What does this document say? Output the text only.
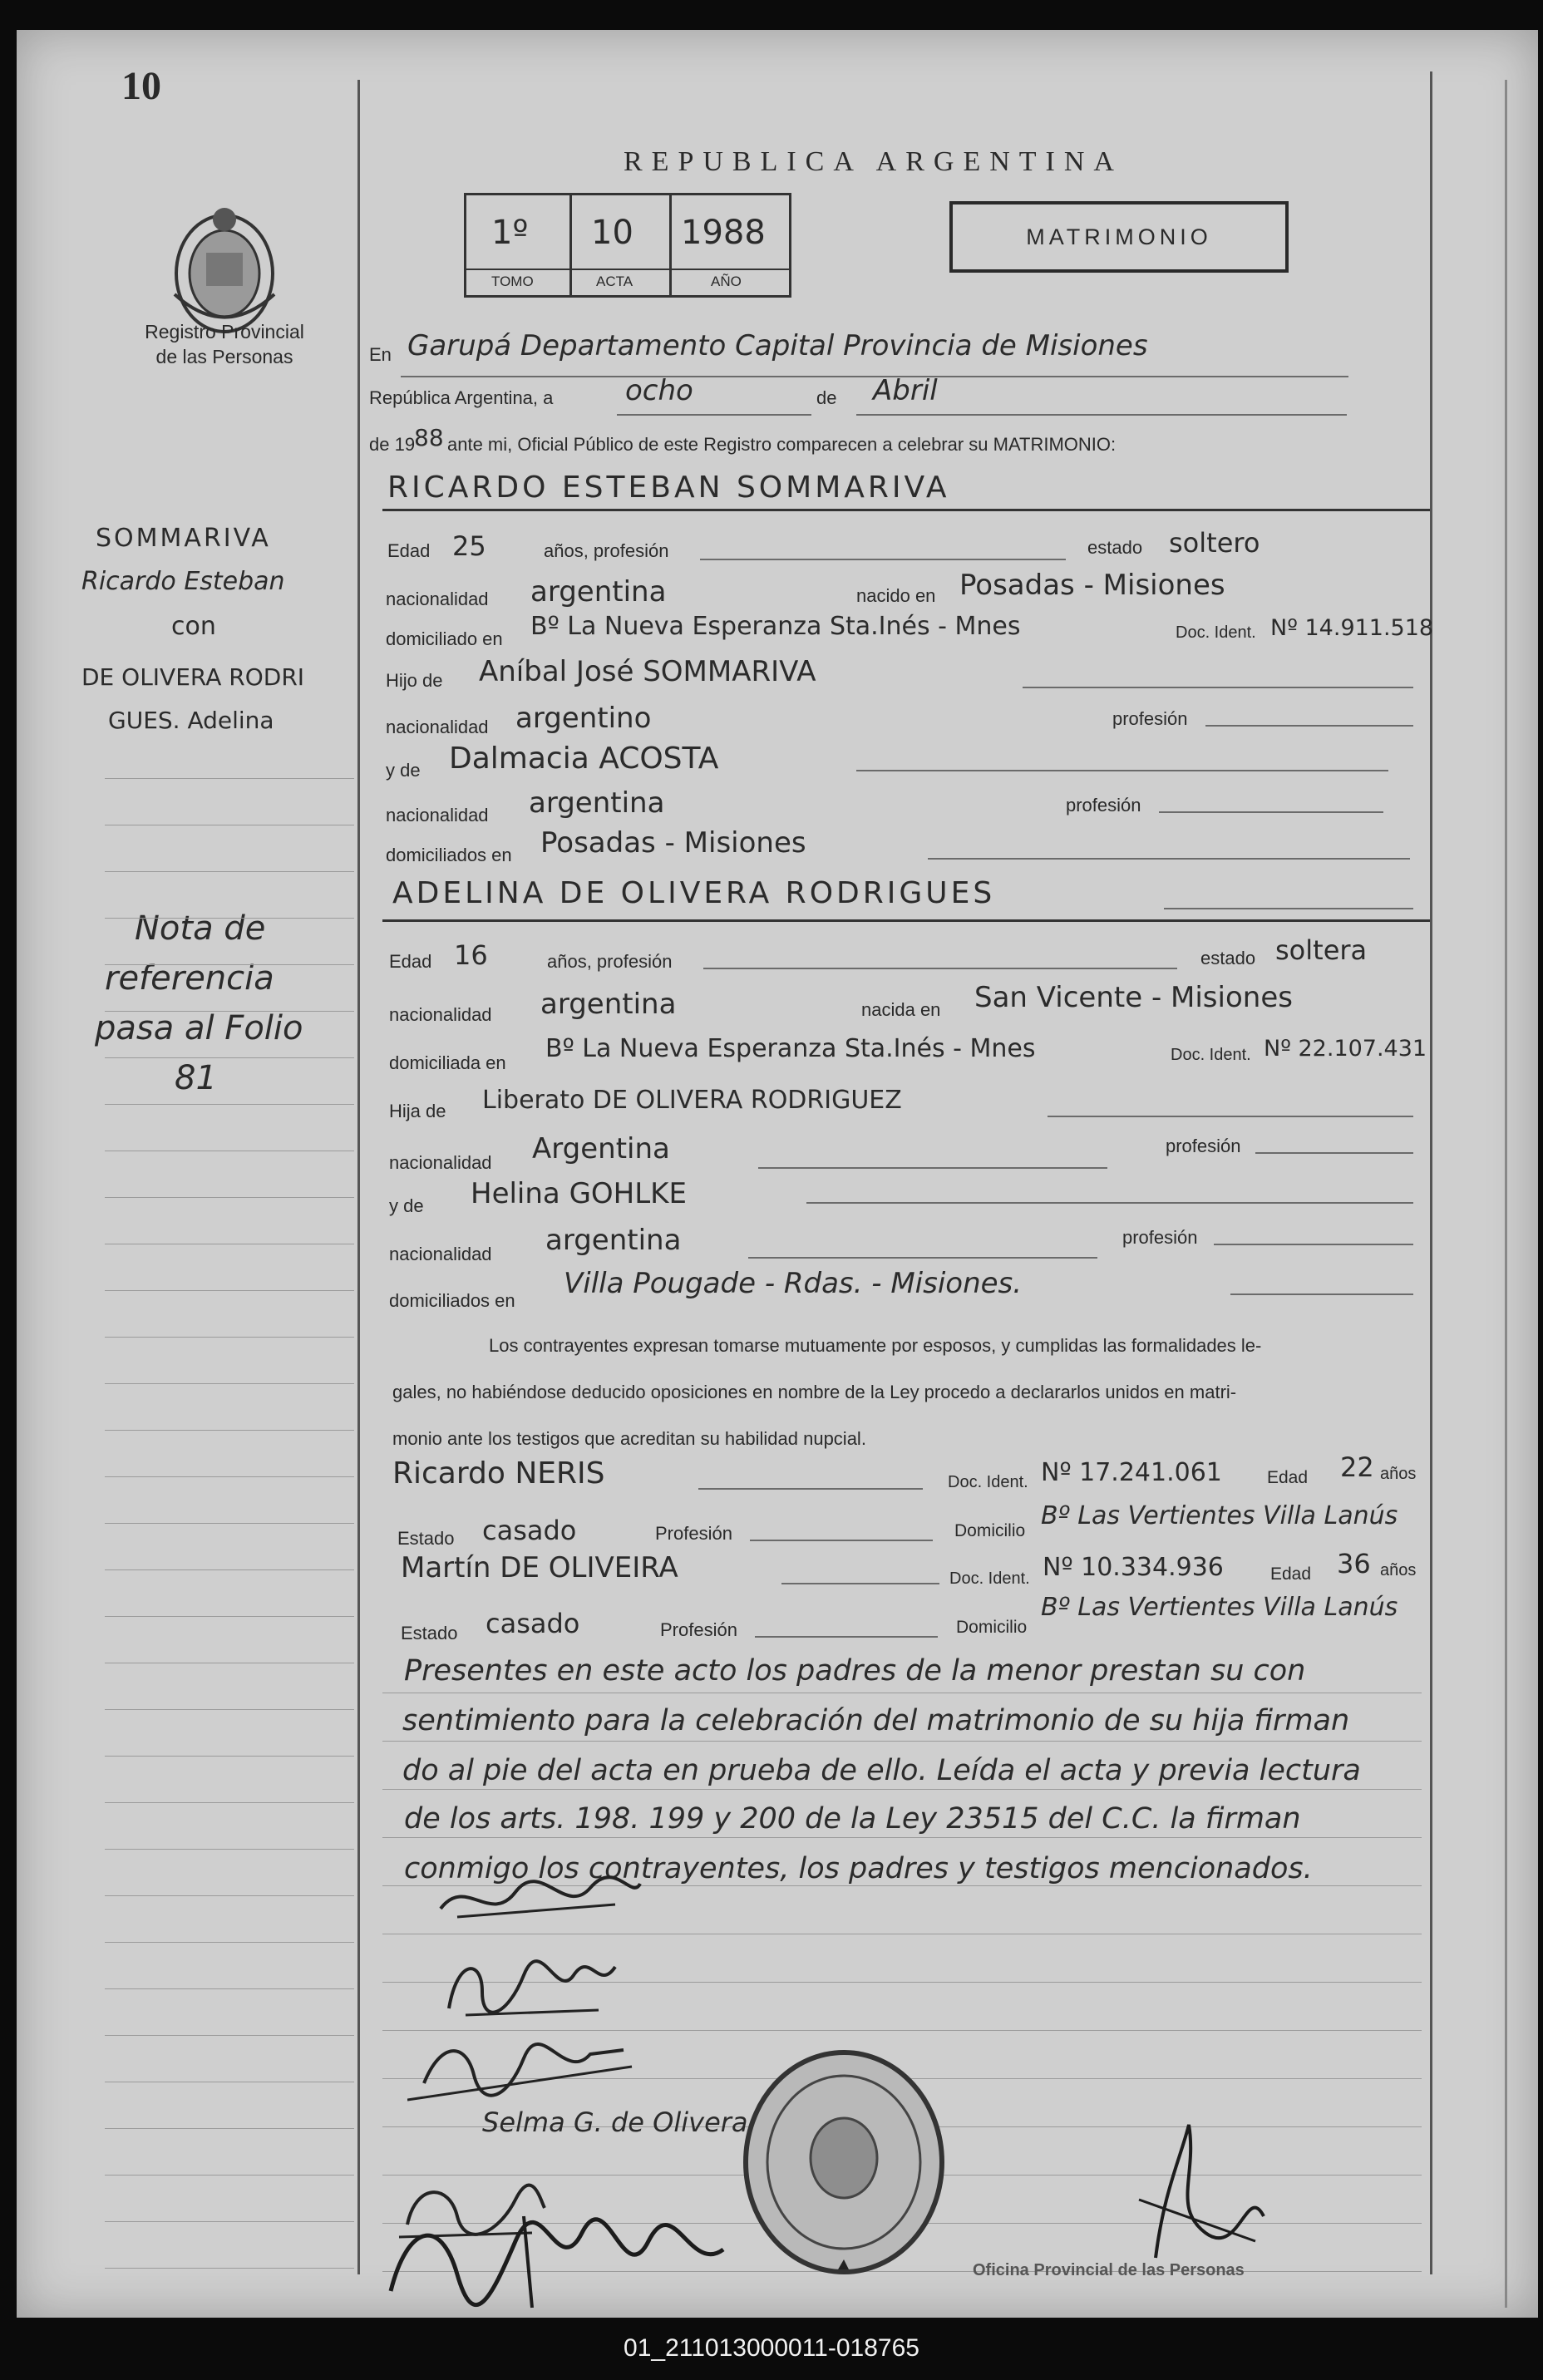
10
REPUBLICA ARGENTINA
Registro Provincial
de las Personas
1º 10 1988
TOMO	ACTA	AÑO
MATRIMONIO
SOMMARIVA
Ricardo Esteban
con
DE OLIVERA RODRI
GUES. Adelina
Nota de
referencia
pasa al Folio
81
En Garupá Departamento Capital Provincia de Misiones
República Argentina, a	ocho	de Abril
de 19
88 ante mi, Oficial Público de este Registro comparecen a celebrar su MATRIMONIO:
RICARDO ESTEBAN SOMMARIVA
Edad 25	años, profesión	estado soltero
nacionalidad argentina	nacido en Posadas - Misiones
domiciliado en Bº La Nueva Esperanza Sta.Inés - Mnes	Doc. Ident. Nº 14.911.518
Hijo de Aníbal José SOMMARIVA
nacionalidad argentino	profesión
y de Dalmacia ACOSTA
nacionalidad argentina	profesión
domiciliados en Posadas - Misiones
ADELINA DE OLIVERA RODRIGUES
Edad 16	años, profesión	estado soltera
nacionalidad argentina	nacida en San Vicente - Misiones
domiciliada en Bº La Nueva Esperanza Sta.Inés - Mnes	Doc. Ident. Nº 22.107.431
Hija de Liberato DE OLIVERA RODRIGUEZ
nacionalidad Argentina	profesión
y de Helina GOHLKE
nacionalidad argentina	profesión
domiciliados en
Villa Pougade - Rdas. - Misiones.
Los contrayentes expresan tomarse mutuamente por esposos, y cumplidas las formalidades le-
gales, no habiéndose deducido oposiciones en nombre de la Ley procedo a declararlos unidos en matri-
monio ante los testigos que acreditan su habilidad nupcial.
Ricardo NERIS	Doc. Ident. Nº 17.241.061	Edad 22 años
Estado casado	Profesión	Domicilio
Bº Las Vertientes Villa Lanús
Martín DE OLIVEIRA	Doc. Ident. Nº 10.334.936	Edad 36 años
Estado casado	Profesión	Domicilio
Bº Las Vertientes Villa Lanús
Presentes en este acto los padres de la menor prestan su con
sentimiento para la celebración del matrimonio de su hija firman
do al pie del acta en prueba de ello. Leída el acta y previa lectura
de los arts. 198. 199 y 200 de la Ley 23515 del C.C. la firman
conmigo los contrayentes, los padres y testigos mencionados.
Selma G. de Olivera
Oficina Provincial de las Personas
01_211013000011-018765
